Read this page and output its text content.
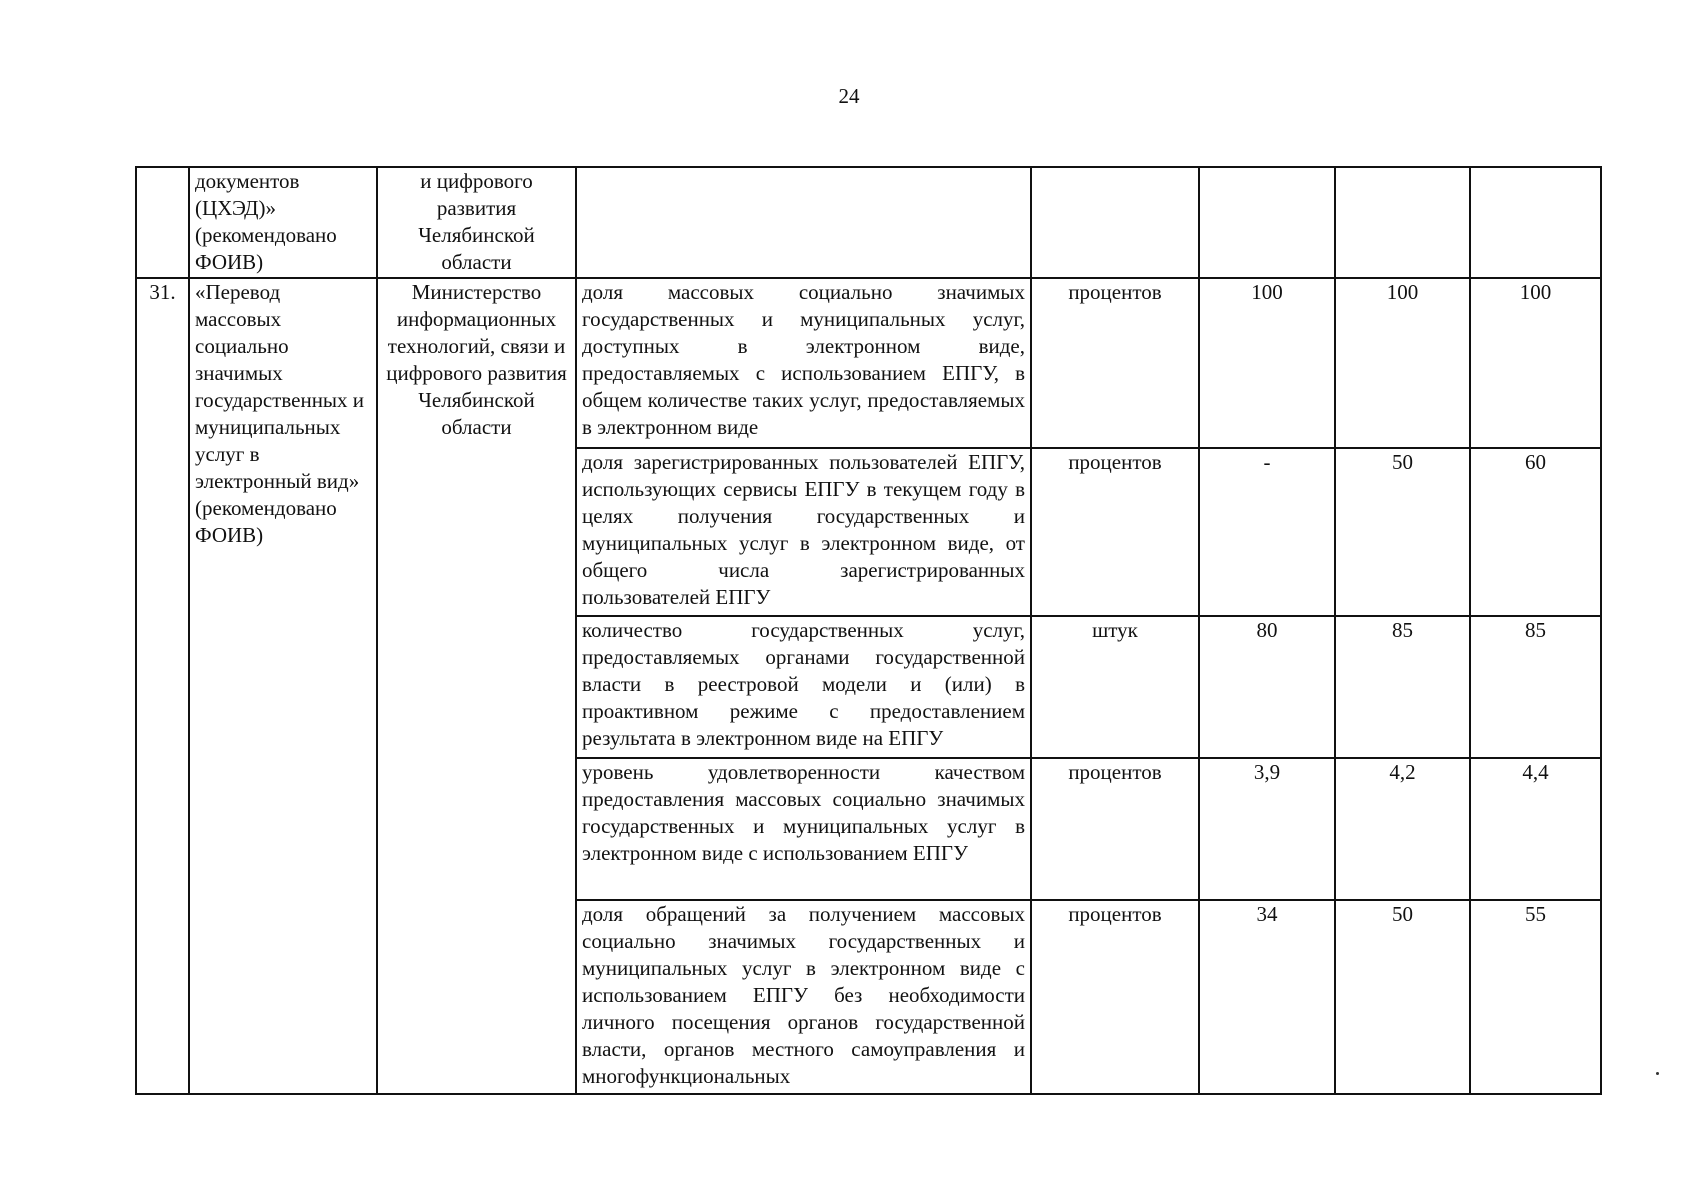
24
	документов (ЦХЭД)» (рекомендовано ФОИВ)	и цифрового развития Челябинской области					
31.	«Перевод массовых социально значимых государственных и муниципальных услуг в электронный вид» (рекомендовано ФОИВ)	Министерство информационных технологий, связи и цифрового развития Челябинской области	доля массовых социально значимых государственных и муниципальных услуг, доступных в электронном виде, предоставляемых с использованием ЕПГУ, в общем количестве таких услуг, предоставляемых в электронном виде	процентов	100	100	100
			доля зарегистрированных пользователей ЕПГУ, использующих сервисы ЕПГУ в текущем году в целях получения государственных и муниципальных услуг в электронном виде, от общего числа зарегистрированных пользователей ЕПГУ	процентов	-	50	60
			количество государственных услуг, предоставляемых органами государственной власти в реестровой модели и (или) в проактивном режиме с предоставлением результата в электронном виде на ЕПГУ	штук	80	85	85
			уровень удовлетворенности качеством предоставления массовых социально значимых государственных и муниципальных услуг в электронном виде с использованием ЕПГУ	процентов	3,9	4,2	4,4
			доля обращений за получением массовых социально значимых государственных и муниципальных услуг в электронном виде с использованием ЕПГУ без необходимости личного посещения органов государственной власти, органов местного самоуправления и многофункциональных	процентов	34	50	55
